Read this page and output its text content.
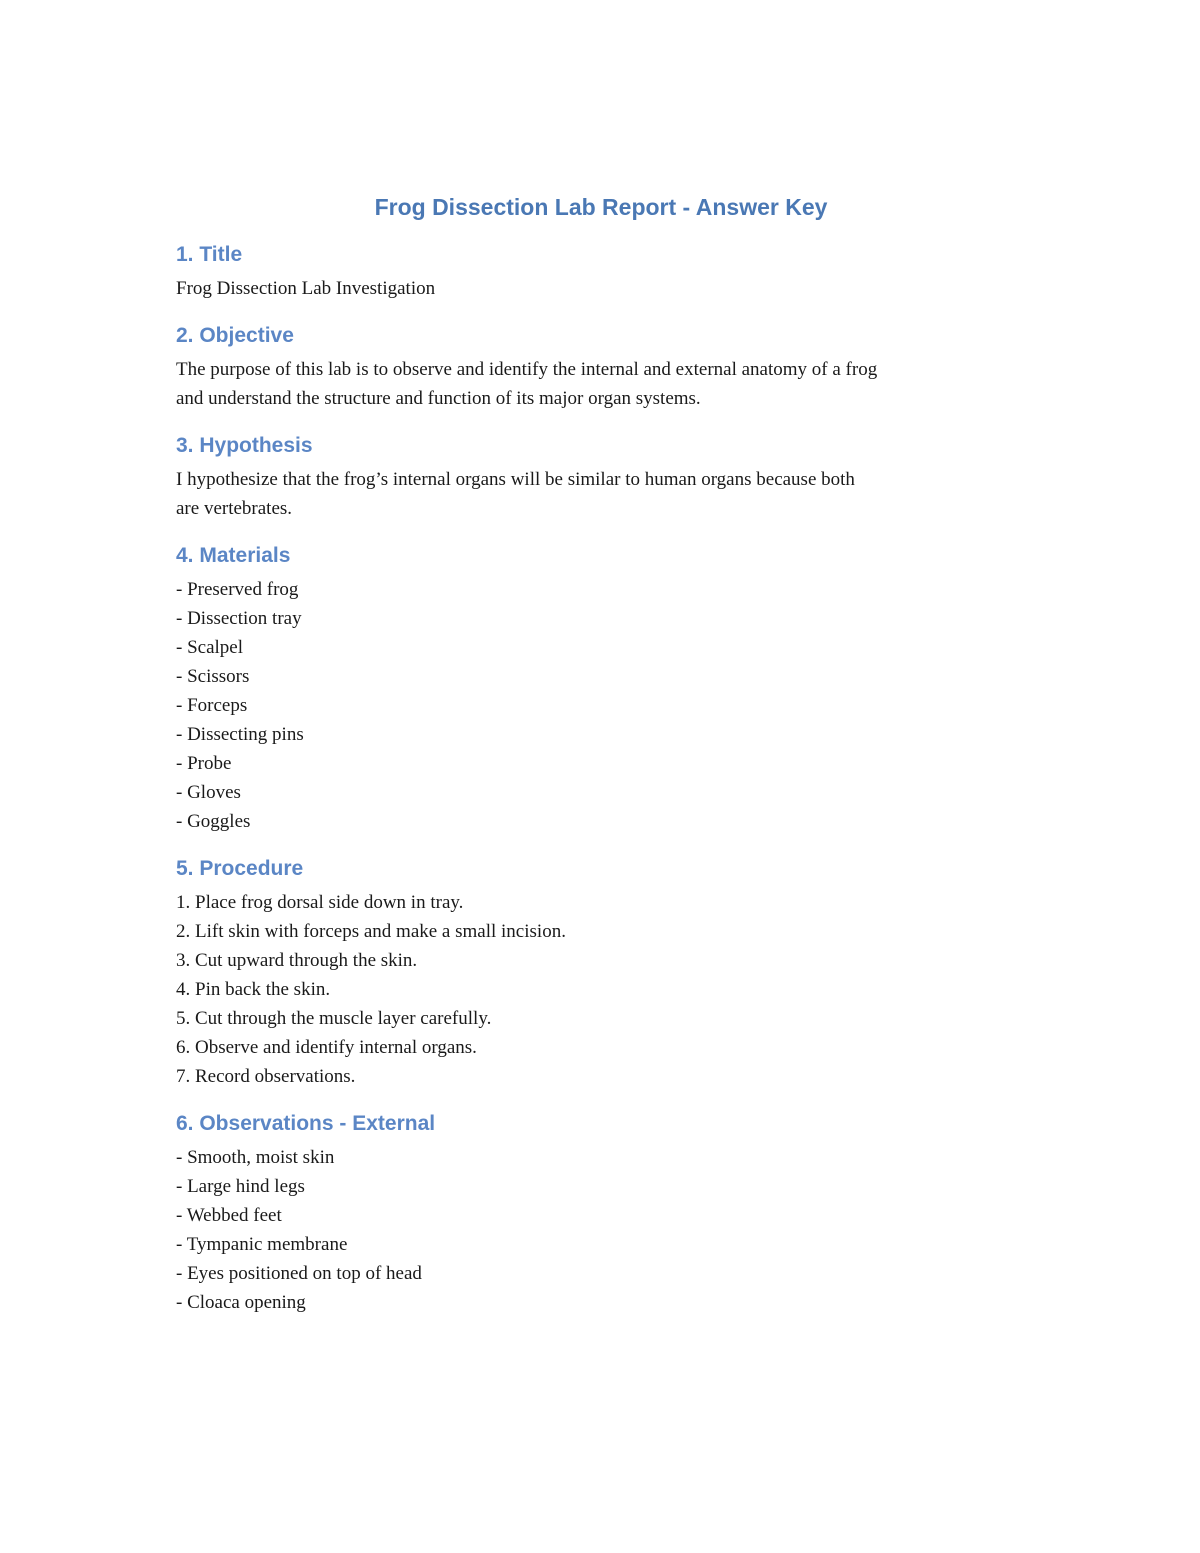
Frog Dissection Lab Report - Answer Key
1. Title

Frog Dissection Lab Investigation

2. Objective

The purpose of this lab is to observe and identify the internal and external anatomy of a frog

and understand the structure and function of its major organ systems.

3. Hypothesis

I hypothesize that the frog’s internal organs will be similar to human organs because both

are vertebrates.

4. Materials

- Preserved frog

- Dissection tray

- Scalpel

- Scissors

- Forceps

- Dissecting pins

- Probe

- Gloves

- Goggles

5. Procedure

1. Place frog dorsal side down in tray.

2. Lift skin with forceps and make a small incision.

3. Cut upward through the skin.

4. Pin back the skin.

5. Cut through the muscle layer carefully.

6. Observe and identify internal organs.

7. Record observations.

6. Observations - External

- Smooth, moist skin

- Large hind legs

- Webbed feet

- Tympanic membrane

- Eyes positioned on top of head

- Cloaca opening
